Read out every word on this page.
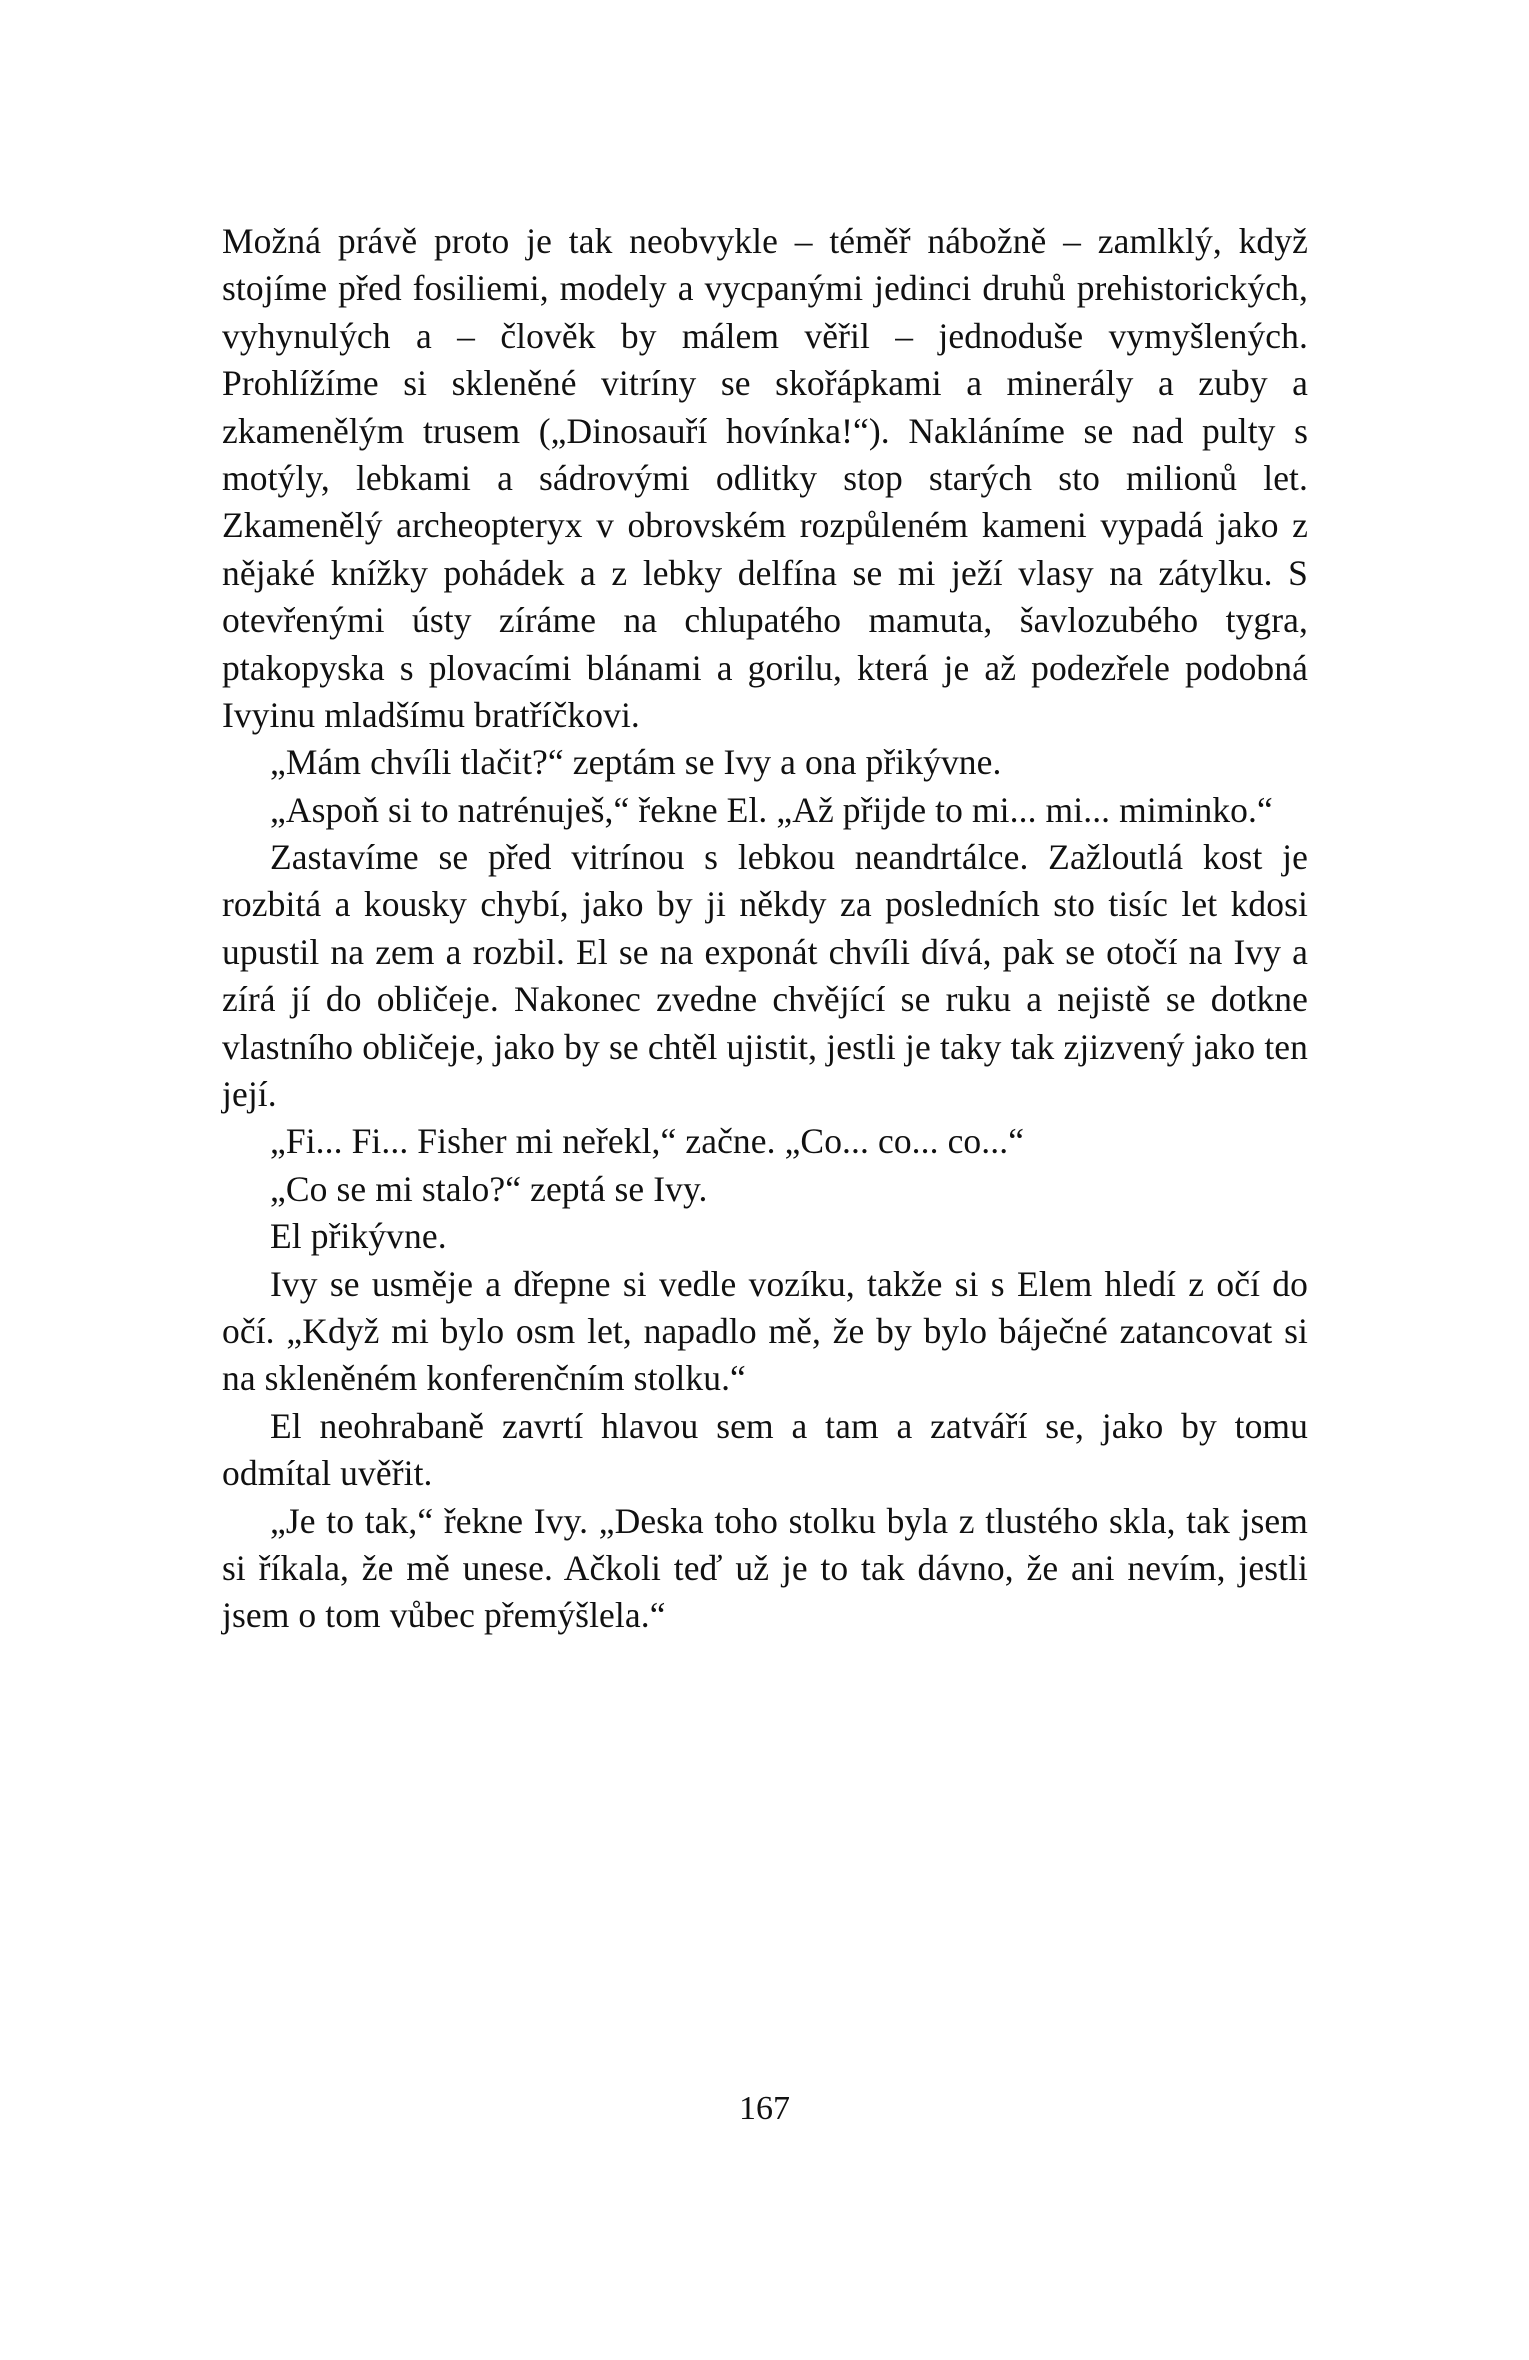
Možná právě proto je tak neobvykle – téměř nábožně – zamlklý, když stojíme před fosiliemi, modely a vycpanými jedinci druhů prehistorických, vyhynulých a – člověk by málem věřil – jednoduše vymyšlených. Prohlížíme si skleněné vitríny se skořápkami a minerály a zuby a zkamenělým trusem („Dinosauří hovínka!“). Nakláníme se nad pulty s motýly, lebkami a sádrovými odlitky stop starých sto milionů let. Zkamenělý archeopteryx v obrovském rozpůleném kameni vypadá jako z nějaké knížky pohádek a z lebky delfína se mi ježí vlasy na zátylku. S otevřenými ústy zíráme na chlupatého mamuta, šavlozubého tygra, ptakopyska s plovacími blánami a gorilu, která je až podezřele podobná Ivyinu mladšímu bratříčkovi.

„Mám chvíli tlačit?“ zeptám se Ivy a ona přikývne.

„Aspoň si to natrénuješ,“ řekne El. „Až přijde to mi... mi... miminko.“

Zastavíme se před vitrínou s lebkou neandrtálce. Zažloutlá kost je rozbitá a kousky chybí, jako by ji někdy za posledních sto tisíc let kdosi upustil na zem a rozbil. El se na exponát chvíli dívá, pak se otočí na Ivy a zírá jí do obličeje. Nakonec zvedne chvějící se ruku a nejistě se dotkne vlastního obličeje, jako by se chtěl ujistit, jestli je taky tak zjizvený jako ten její.

„Fi... Fi... Fisher mi neřekl,“ začne. „Co... co... co...“

„Co se mi stalo?“ zeptá se Ivy.

El přikývne.

Ivy se usměje a dřepne si vedle vozíku, takže si s Elem hledí z očí do očí. „Když mi bylo osm let, napadlo mě, že by bylo báječné zatancovat si na skleněném konferenčním stolku.“

El neohrabaně zavrtí hlavou sem a tam a zatváří se, jako by tomu odmítal uvěřit.

„Je to tak,“ řekne Ivy. „Deska toho stolku byla z tlustého skla, tak jsem si říkala, že mě unese. Ačkoli teď už je to tak dávno, že ani nevím, jestli jsem o tom vůbec přemýšlela.“

167
